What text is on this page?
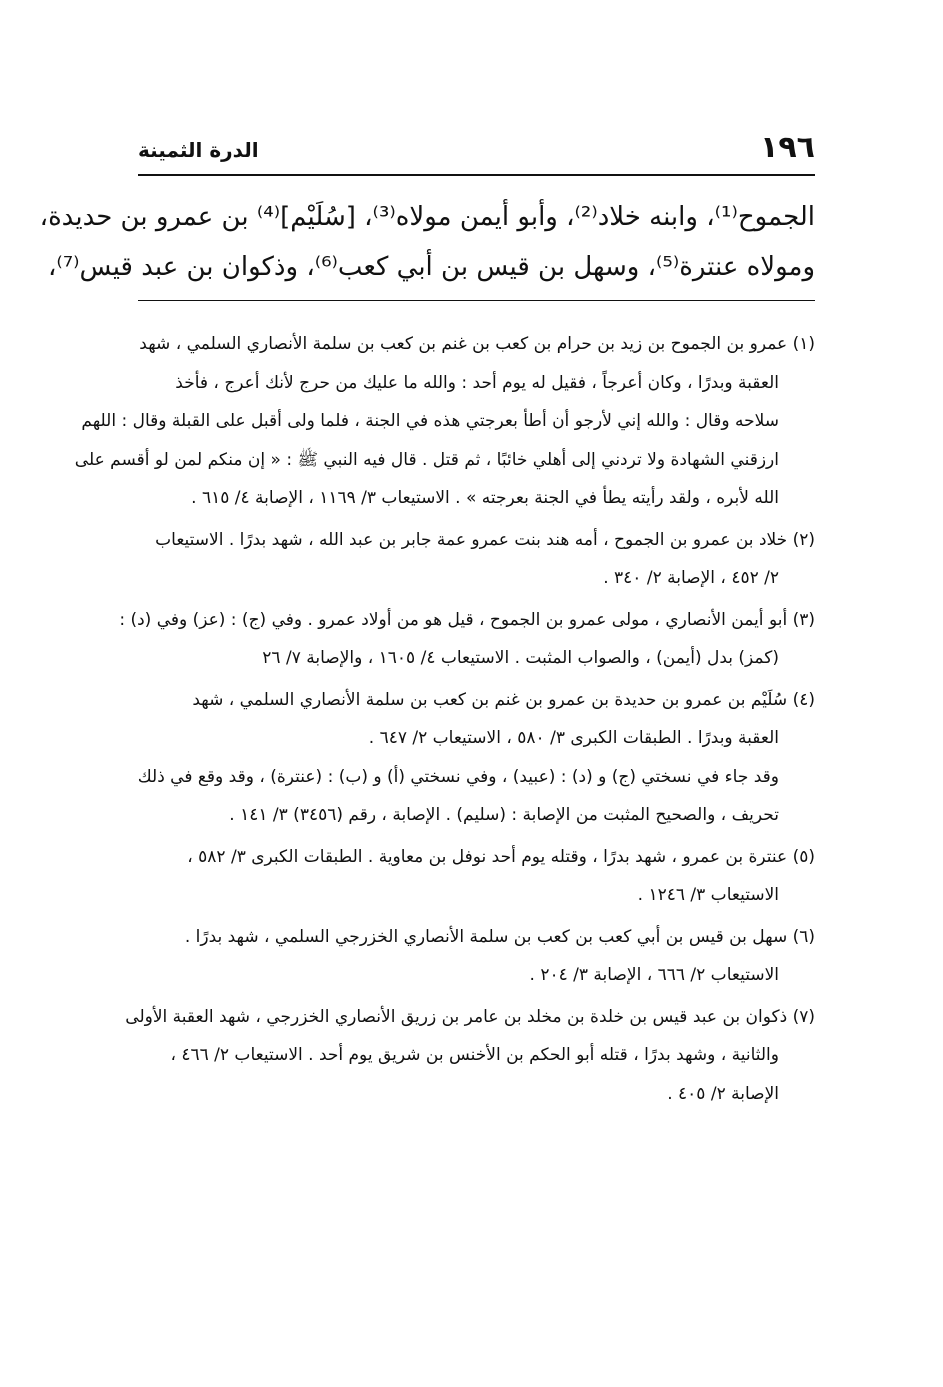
١٩٦
الدرة الثمينة
الجموح⁽¹⁾، وابنه خلاد⁽²⁾، وأبو أيمن مولاه⁽³⁾، [سُلَيْم]⁽⁴⁾ بن عمرو بن حديدة،
ومولاه عنترة⁽⁵⁾، وسهل بن قيس بن أبي كعب⁽⁶⁾، وذكوان بن عبد قيس⁽⁷⁾،
(١) عمرو بن الجموح بن زيد بن حرام بن كعب بن غنم بن كعب بن سلمة الأنصاري السلمي ، شهد
العقبة وبدرًا ، وكان أعرجاً ، فقيل له يوم أحد : والله ما عليك من حرج لأنك أعرج ، فأخذ
سلاحه وقال : والله إني لأرجو أن أطأ بعرجتي هذه في الجنة ، فلما ولى أقبل على القبلة وقال : اللهم
ارزقني الشهادة ولا تردني إلى أهلي خائبًا ، ثم قتل . قال فيه النبي ﷺ : « إن منكم لمن لو أقسم على
الله لأبره ، ولقد رأيته يطأ في الجنة بعرجته » . الاستيعاب ٣/ ١١٦٩ ، الإصابة ٤/ ٦١٥ .
(٢) خلاد بن عمرو بن الجموح ، أمه هند بنت عمرو عمة جابر بن عبد الله ، شهد بدرًا . الاستيعاب
٢/ ٤٥٢ ، الإصابة ٢/ ٣٤٠ .
(٣) أبو أيمن الأنصاري ، مولى عمرو بن الجموح ، قيل هو من أولاد عمرو . وفي (ج) : (عز) وفي (د) :
(كمز) بدل (أيمن) ، والصواب المثبت . الاستيعاب ٤/ ١٦٠٥ ، والإصابة ٧/ ٢٦
(٤) سُلَيْم بن عمرو بن حديدة بن عمرو بن غنم بن كعب بن سلمة الأنصاري السلمي ، شهد
العقبة وبدرًا . الطبقات الكبرى ٣/ ٥٨٠ ، الاستيعاب ٢/ ٦٤٧ .
وقد جاء في نسختي (ج) و (د) : (عبيد) ، وفي نسختي (أ) و (ب) : (عنترة) ، وقد وقع في ذلك
تحريف ، والصحيح المثبت من الإصابة : (سليم) . الإصابة ، رقم (٣٤٥٦) ٣/ ١٤١ .
(٥) عنترة بن عمرو ، شهد بدرًا ، وقتله يوم أحد نوفل بن معاوية . الطبقات الكبرى ٣/ ٥٨٢ ،
الاستيعاب ٣/ ١٢٤٦ .
(٦) سهل بن قيس بن أبي كعب بن كعب بن سلمة الأنصاري الخزرجي السلمي ، شهد بدرًا .
الاستيعاب ٢/ ٦٦٦ ، الإصابة ٣/ ٢٠٤ .
(٧) ذكوان بن عبد قيس بن خلدة بن مخلد بن عامر بن زريق الأنصاري الخزرجي ، شهد العقبة الأولى
والثانية ، وشهد بدرًا ، قتله أبو الحكم بن الأخنس بن شريق يوم أحد . الاستيعاب ٢/ ٤٦٦ ،
الإصابة ٢/ ٤٠٥ .
